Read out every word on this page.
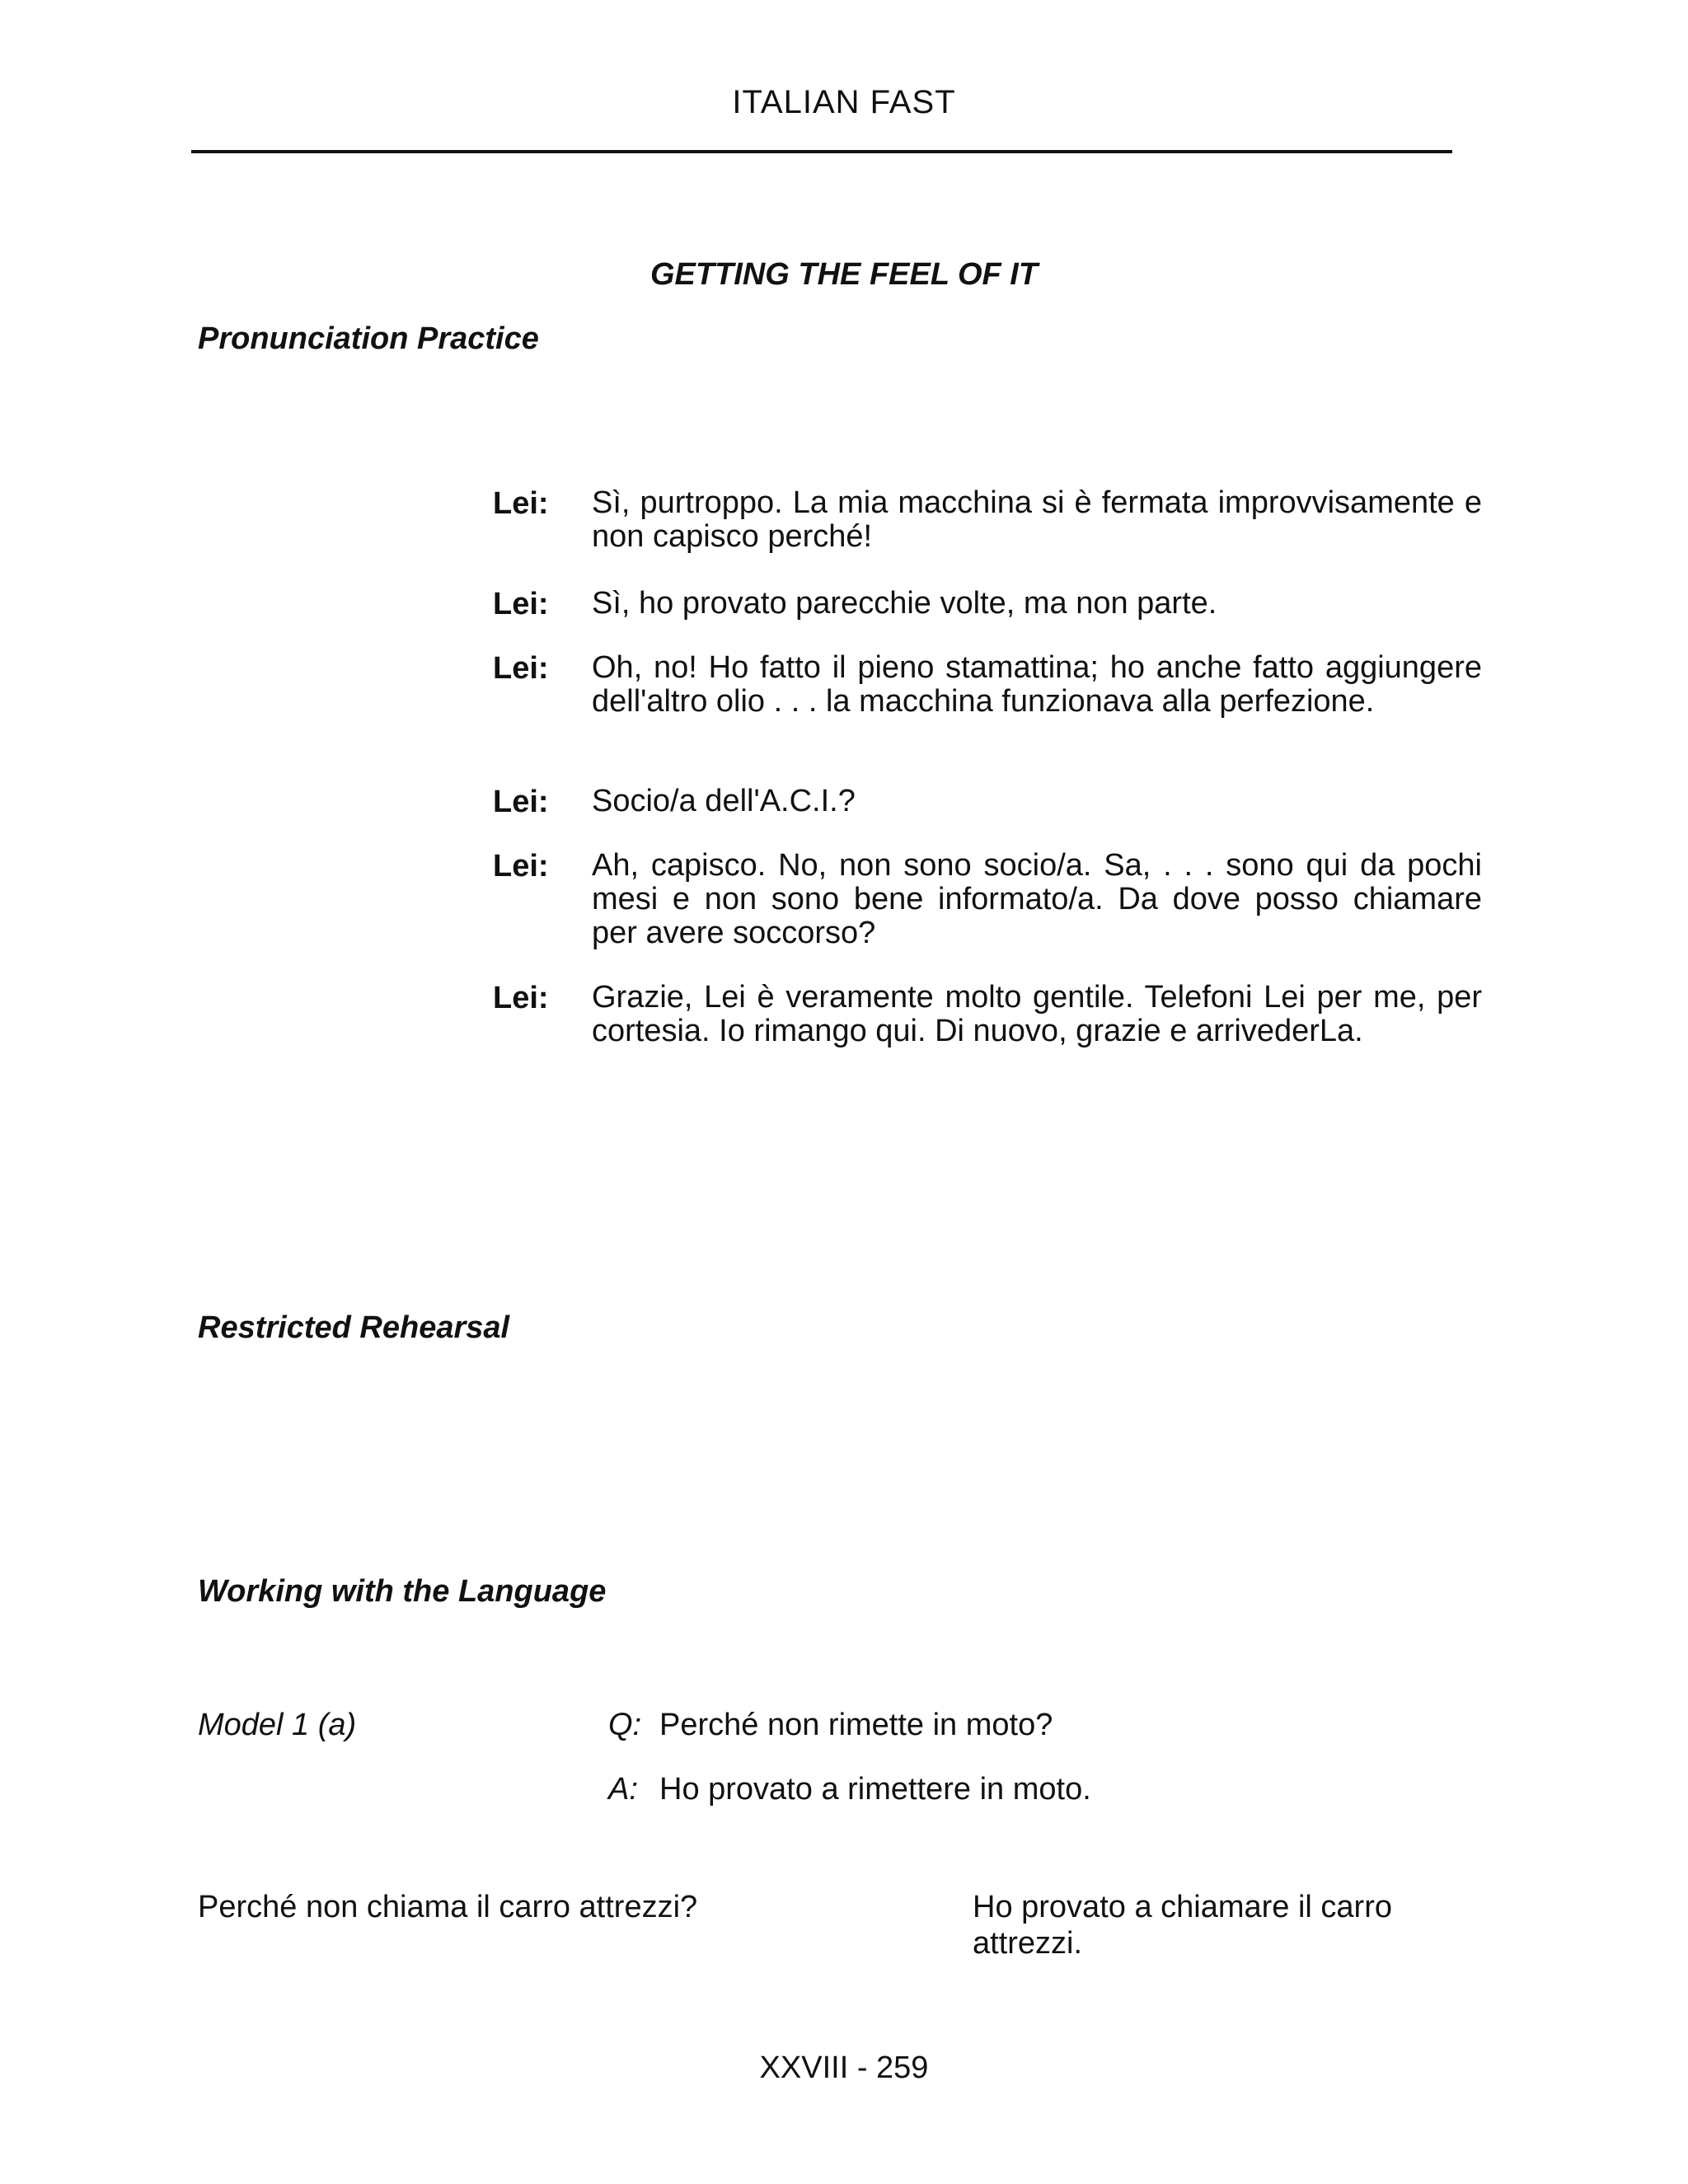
ITALIAN FAST
GETTING THE FEEL OF IT
Pronunciation Practice
Lei:	Sì, purtroppo. La mia macchina si è fermata improvvisamente e non capisco perché!
Lei:	Sì, ho provato parecchie volte, ma non parte.
Lei:	Oh, no! Ho fatto il pieno stamattina; ho anche fatto aggiungere dell'altro olio . . . la macchina funzionava alla perfezione.
Lei:	Socio/a dell'A.C.I.?
Lei:	Ah, capisco. No, non sono socio/a. Sa, . . . sono qui da pochi mesi e non sono bene informato/a. Da dove posso chiamare per avere soccorso?
Lei:	Grazie, Lei è veramente molto gentile. Telefoni Lei per me, per cortesia. Io rimango qui. Di nuovo, grazie e arrivederLa.
Restricted Rehearsal
Working with the Language
Model 1 (a)	Q: Perché non rimette in moto?
A: Ho provato a rimettere in moto.
Perché non chiama il carro attrezzi?	Ho provato a chiamare il carro attrezzi.
XXVIII - 259
